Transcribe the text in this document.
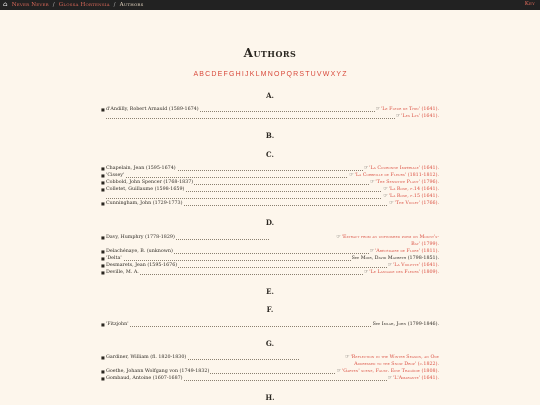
⌂ Never Never / Glossa Hortensia / Authors	Key
Authors
ABCDEFGHIJKLMNOPQRSTUVWXYZ
A.
■ d'Andilly, Robert Arnauld (1589-1674)	☞'Le Fleur de Thin' (1641).
☞'Les Lys' (1641).
B.
C.
■ Chapelain, Jean (1595-1674)	☞'La Couronne Impériale' (1641).
■ 'Cissey'	☞'La Corbeille de Fleurs' (1811-1812).
■ Cobbold, John Spencer (1768-1837)	☞'The Sensitive Plant' (1796).
■ Colletet, Guillaume (1598-1659)	☞'La Rose, f.14 (1641).
☞'La Rose, f.15 (1641).
■ Cunningham, John (1729-1773)	☞'The Violet' (1766).
D.
■ Davy, Humphry (1778-1829)	☞'Extract from an unfinished poem on Mount's-
Bay' (1799).
■ Delachénaye, B. (unknown)	☞'Abécédaire de Flore' (1811).
■ 'Delta'	See Moir, David Macbeth (1798-1851).
■ Desmarets, Jean (1595-1676)	☞'La Violette' (1641).
■ Deville, M. A.	☞'Le Langage des Fleurs' (1809).
E.
F.
■ 'Fitzjohn'	See Imlah, John (1799-1846).
G.
■ Gardiner, William (fl. 1820-1830)	☞'Reflection in the Winter Season, an Ode
Addressed to the Snow Drop' (c.1822).
■ Goethe, Johann Wolfgang von (1749-1832)	☞'Garten' scene, Faust. Eine Tragödie (1808).
■ Gombaud, Antoine (1607-1687)	☞'L'Amarante' (1641).
H.
